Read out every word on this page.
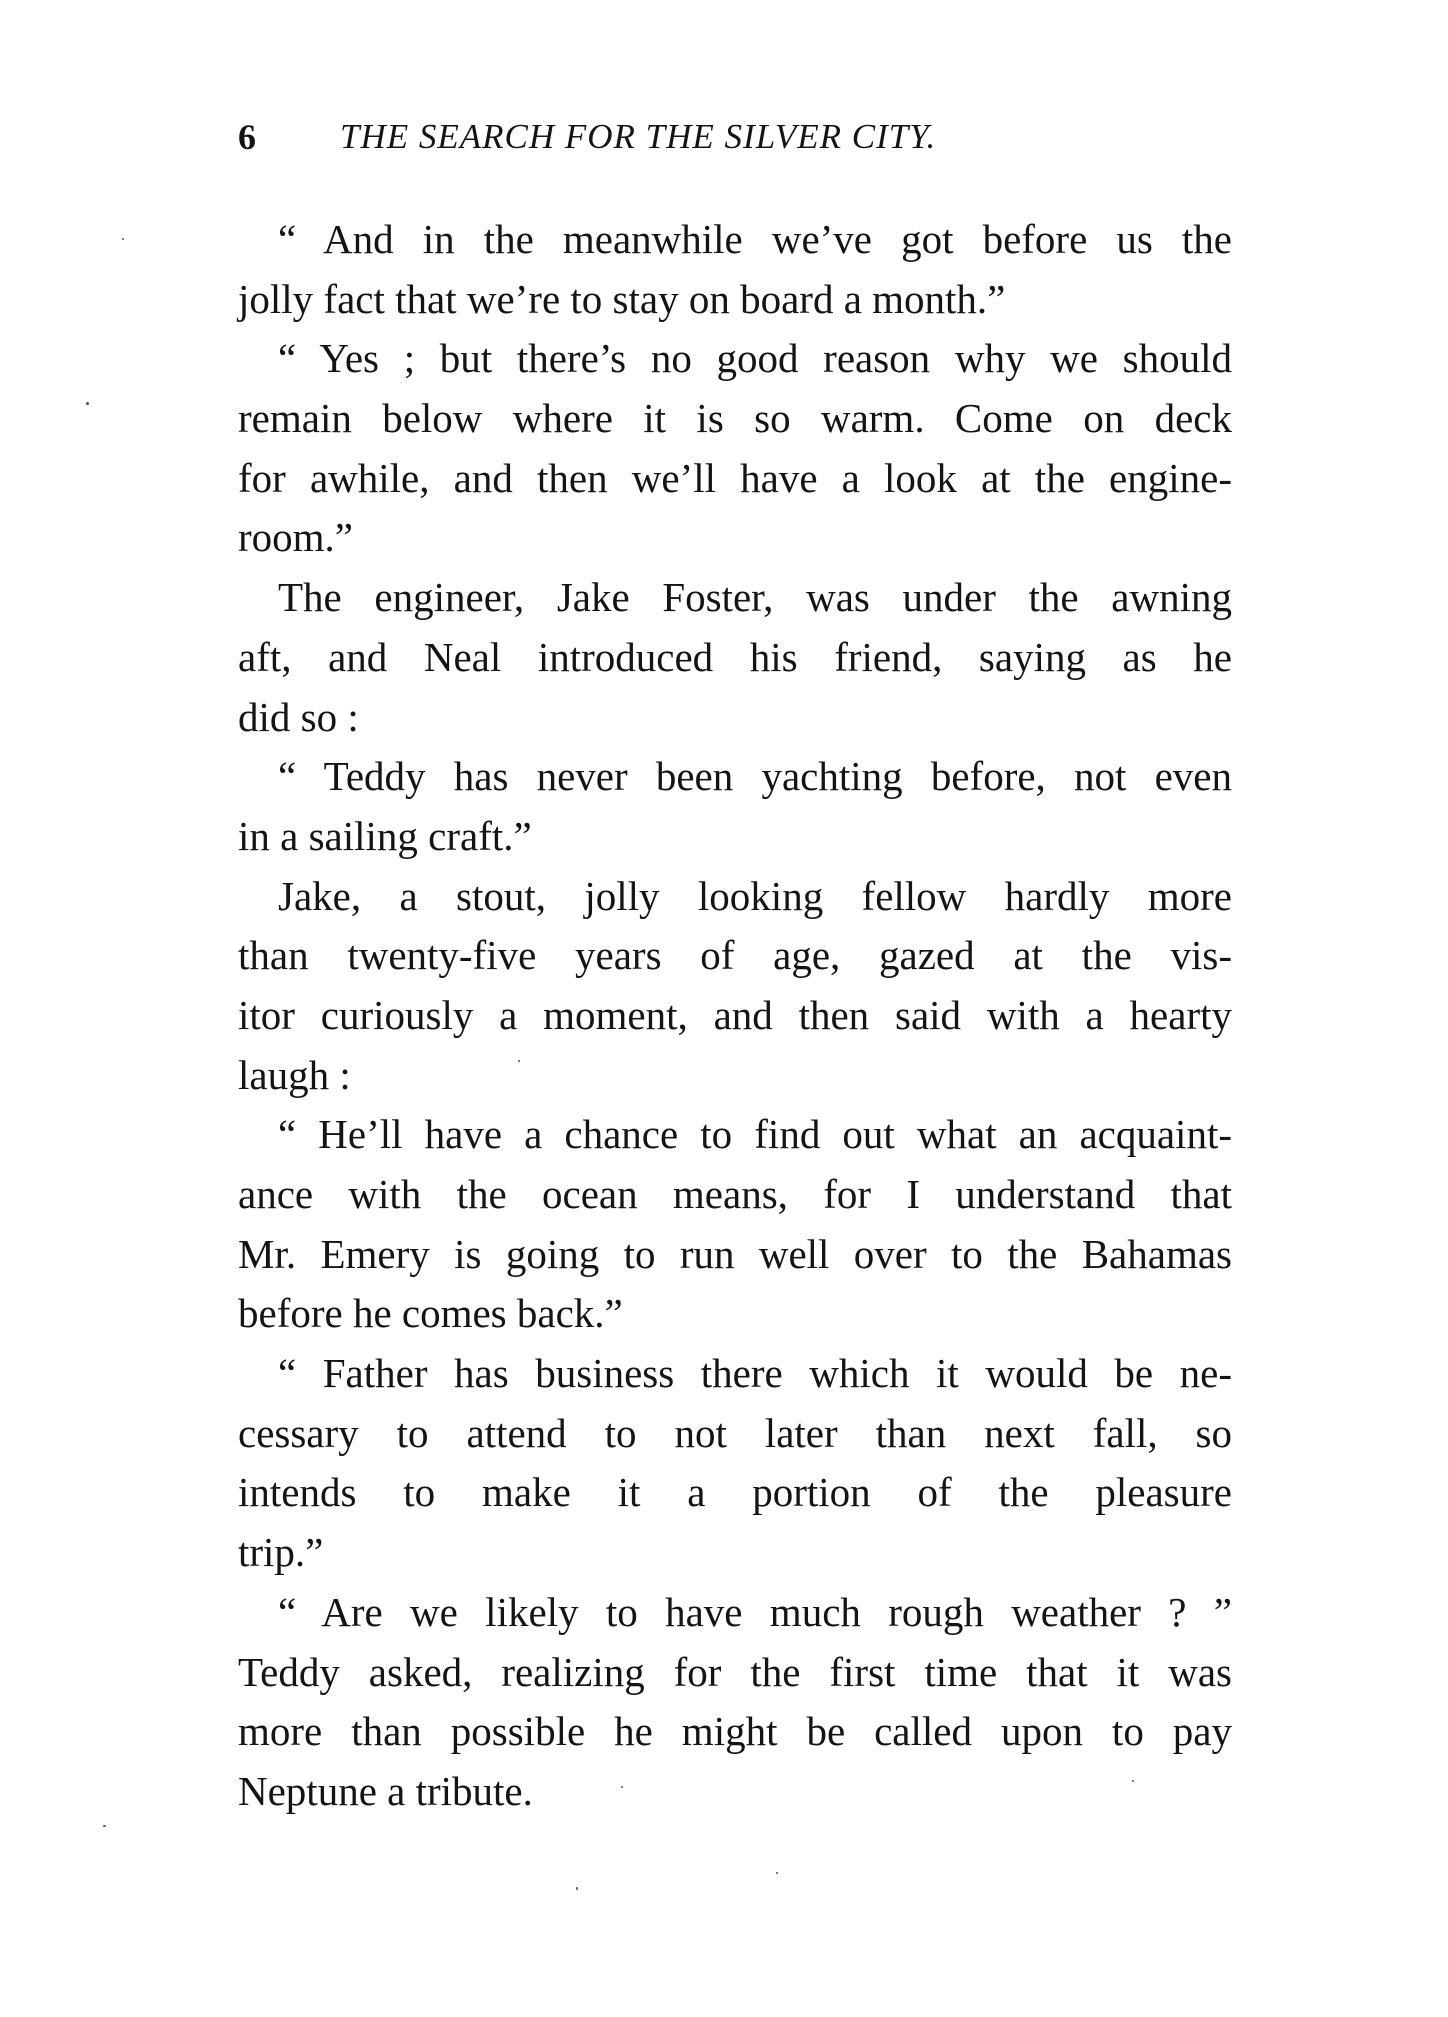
6 THE SEARCH FOR THE SILVER CITY.
“ And in the meanwhile we’ve got before us the
jolly fact that we’re to stay on board a month.”
“ Yes ; but there’s no good reason why we should
remain below where it is so warm. Come on deck
for awhile, and then we’ll have a look at the engine-
room.”
The engineer, Jake Foster, was under the awning
aft, and Neal introduced his friend, saying as he
did so :
“ Teddy has never been yachting before, not even
in a sailing craft.”
Jake, a stout, jolly looking fellow hardly more
than twenty-five years of age, gazed at the vis-
itor curiously a moment, and then said with a hearty
laugh :
“ He’ll have a chance to find out what an acquaint-
ance with the ocean means, for I understand that
Mr. Emery is going to run well over to the Bahamas
before he comes back.”
“ Father has business there which it would be ne-
cessary to attend to not later than next fall, so
intends to make it a portion of the pleasure
trip.”
“ Are we likely to have much rough weather ? ”
Teddy asked, realizing for the first time that it was
more than possible he might be called upon to pay
Neptune a tribute.
